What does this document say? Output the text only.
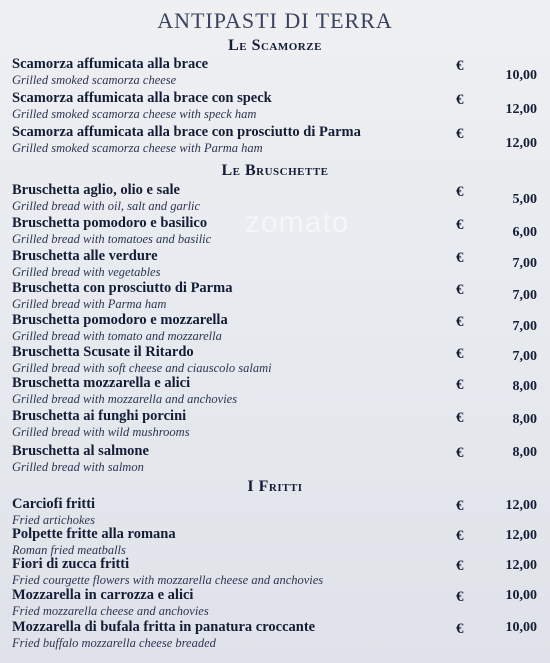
ANTIPASTI DI TERRA
zomato
Le Scamorze
Scamorza affumicata alla brace
Grilled smoked scamorza cheese
€
10,00
Scamorza affumicata alla brace con speck
Grilled smoked scamorza cheese with speck ham
€
12,00
Scamorza affumicata alla brace con prosciutto di Parma
Grilled smoked scamorza cheese with Parma ham
€
12,00
Le Bruschette
Bruschetta aglio, olio e sale
Grilled bread with oil, salt and garlic
€	5,00
Bruschetta pomodoro e basilico
Grilled bread with tomatoes and basilic
€	6,00
Bruschetta alle verdure
Grilled bread with vegetables
€	7,00
Bruschetta con prosciutto di Parma
Grilled bread with Parma ham
€	7,00
Bruschetta pomodoro e mozzarella
Grilled bread with tomato and mozzarella
€	7,00
Bruschetta Scusate il Ritardo
Grilled bread with soft cheese and ciauscolo salami
€	7,00
Bruschetta mozzarella e alici
Grilled bread with mozzarella and anchovies
€	8,00
Bruschetta ai funghi porcini
Grilled bread with wild mushrooms
€	8,00
Bruschetta al salmone
Grilled bread with salmon
€	8,00
I Fritti
Carciofi fritti
Fried artichokes
€	12,00
Polpette fritte alla romana
Roman fried meatballs
€	12,00
Fiori di zucca fritti
Fried courgette flowers with mozzarella cheese and anchovies
€	12,00
Mozzarella in carrozza e alici
Fried mozzarella cheese and anchovies
€	10,00
Mozzarella di bufala fritta in panatura croccante
Fried buffalo mozzarella cheese breaded
€	10,00
